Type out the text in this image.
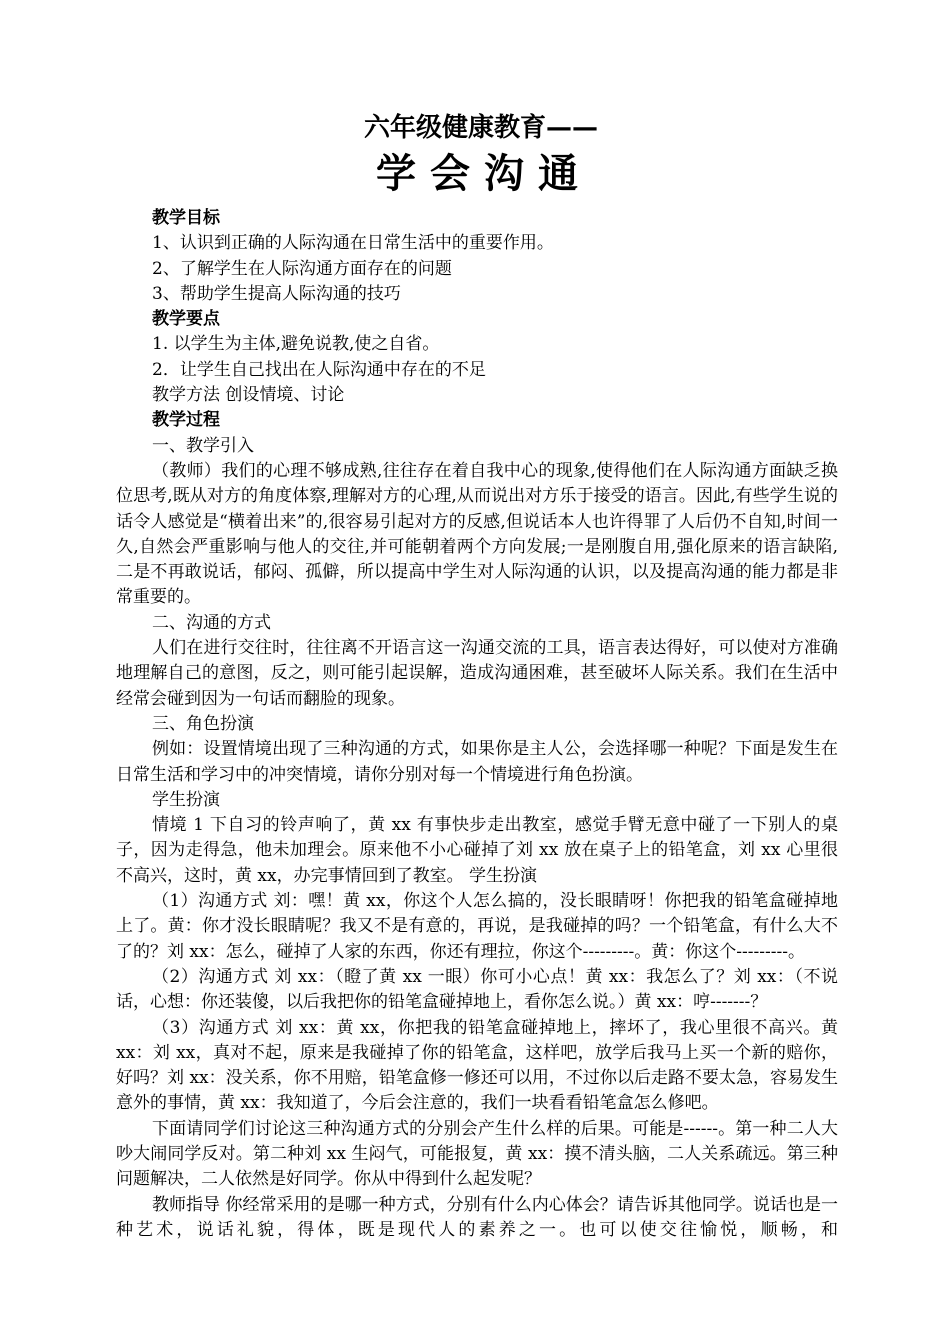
六年级健康教育——
学会沟通

教学目标

1、认识到正确的人际沟通在日常生活中的重要作用。

2、了解学生在人际沟通方面存在的问题

3、帮助学生提高人际沟通的技巧

教学要点

1. 以学生为主体,避免说教,使之自省。

2．让学生自己找出在人际沟通中存在的不足

教学方法 创设情境、讨论

教学过程

一、教学引入

（教师）我们的心理不够成熟,往往存在着自我中心的现象,使得他们在人际沟通方面缺乏换位思考,既从对方的角度体察,理解对方的心理,从而说出对方乐于接受的语言。因此,有些学生说的话令人感觉是“横着出来”的,很容易引起对方的反感,但说话本人也许得罪了人后仍不自知,时间一久,自然会严重影响与他人的交往,并可能朝着两个方向发展;一是刚腹自用,强化原来的语言缺陷,二是不再敢说话，郁闷、孤僻，所以提高中学生对人际沟通的认识，以及提高沟通的能力都是非常重要的。

二、沟通的方式

人们在进行交往时，往往离不开语言这一沟通交流的工具，语言表达得好，可以使对方准确地理解自己的意图，反之，则可能引起误解，造成沟通困难，甚至破坏人际关系。我们在生活中经常会碰到因为一句话而翻脸的现象。

三、角色扮演

例如：设置情境出现了三种沟通的方式，如果你是主人公，会选择哪一种呢？下面是发生在日常生活和学习中的冲突情境，请你分别对每一个情境进行角色扮演。

学生扮演

情境 1 下自习的铃声响了，黄 xx 有事快步走出教室，感觉手臂无意中碰了一下别人的桌子，因为走得急，他未加理会。原来他不小心碰掉了刘 xx 放在桌子上的铅笔盒，刘 xx 心里很不高兴，这时，黄 xx，办完事情回到了教室。 学生扮演

（1）沟通方式 刘：嘿！黄 xx，你这个人怎么搞的，没长眼睛呀！你把我的铅笔盒碰掉地上了。黄：你才没长眼睛呢？我又不是有意的，再说，是我碰掉的吗？一个铅笔盒，有什么大不了的？刘 xx：怎么，碰掉了人家的东西，你还有理拉，你这个---------。黄：你这个---------。

（2）沟通方式 刘 xx：（瞪了黄 xx 一眼）你可小心点！黄 xx：我怎么了？刘 xx：（不说话，心想：你还装傻，以后我把你的铅笔盒碰掉地上，看你怎么说。）黄 xx：哼-------？

（3）沟通方式 刘 xx：黄 xx，你把我的铅笔盒碰掉地上，摔坏了，我心里很不高兴。黄 xx：刘 xx，真对不起，原来是我碰掉了你的铅笔盒，这样吧，放学后我马上买一个新的赔你，好吗？刘 xx：没关系，你不用赔，铅笔盒修一修还可以用，不过你以后走路不要太急，容易发生意外的事情，黄 xx：我知道了，今后会注意的，我们一块看看铅笔盒怎么修吧。

下面请同学们讨论这三种沟通方式的分别会产生什么样的后果。可能是------。第一种二人大吵大闹同学反对。第二种刘 xx 生闷气，可能报复，黄 xx：摸不清头脑，二人关系疏远。第三种问题解决，二人依然是好同学。你从中得到什么起发呢？

教师指导 你经常采用的是哪一种方式，分别有什么内心体会？请告诉其他同学。说话也是一种艺术，说话礼貌，得体，既是现代人的素养之一。也可以使交往愉悦，顺畅，和
